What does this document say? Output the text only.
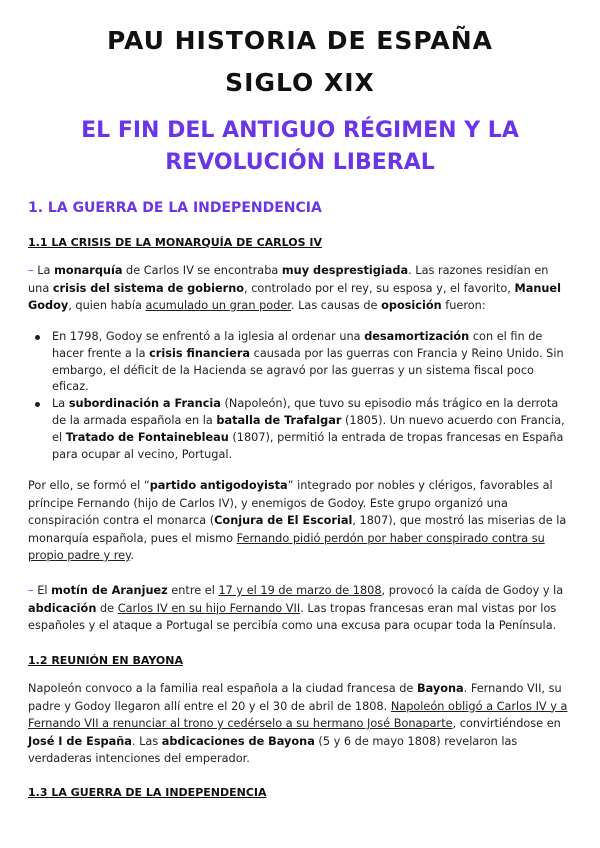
PAU HISTORIA DE ESPAÑA
SIGLO XIX
EL FIN DEL ANTIGUO RÉGIMEN Y LA
REVOLUCIÓN LIBERAL
1. LA GUERRA DE LA INDEPENDENCIA
1.1 LA CRISIS DE LA MONARQUÍA DE CARLOS IV

– La monarquía de Carlos IV se encontraba muy desprestigiada. Las razones residían en una crisis del sistema de gobierno, controlado por el rey, su esposa y, el favorito, Manuel Godoy, quien había acumulado un gran poder. Las causas de oposición fueron:

En 1798, Godoy se enfrentó a la iglesia al ordenar una desamortización con el fin de hacer frente a la crisis financiera causada por las guerras con Francia y Reino Unido. Sin embargo, el déficit de la Hacienda se agravó por las guerras y un sistema fiscal poco eficaz.
La subordinación a Francia (Napoleón), que tuvo su episodio más trágico en la derrota de la armada española en la batalla de Trafalgar (1805). Un nuevo acuerdo con Francia, el Tratado de Fontainebleau (1807), permitió la entrada de tropas francesas en España para ocupar al vecino, Portugal.

Por ello, se formó el “partido antigodoyista” integrado por nobles y clérigos, favorables al príncipe Fernando (hijo de Carlos IV), y enemigos de Godoy. Este grupo organizó una conspiración contra el monarca (Conjura de El Escorial, 1807), que mostró las miserias de la monarquía española, pues el mismo Fernando pidió perdón por haber conspirado contra su propio padre y rey.

– El motín de Aranjuez entre el 17 y el 19 de marzo de 1808, provocó la caída de Godoy y la abdicación de Carlos IV en su hijo Fernando VII. Las tropas francesas eran mal vistas por los españoles y el ataque a Portugal se percibía como una excusa para ocupar toda la Península.

1.2 REUNIÓN EN BAYONA

Napoleón convoco a la familia real española a la ciudad francesa de Bayona. Fernando VII, su padre y Godoy llegaron allí entre el 20 y el 30 de abril de 1808. Napoleón obligó a Carlos IV y a Fernando VII a renunciar al trono y cedérselo a su hermano José Bonaparte, convirtiéndose en José I de España. Las abdicaciones de Bayona (5 y 6 de mayo 1808) revelaron las verdaderas intenciones del emperador.

1.3 LA GUERRA DE LA INDEPENDENCIA
